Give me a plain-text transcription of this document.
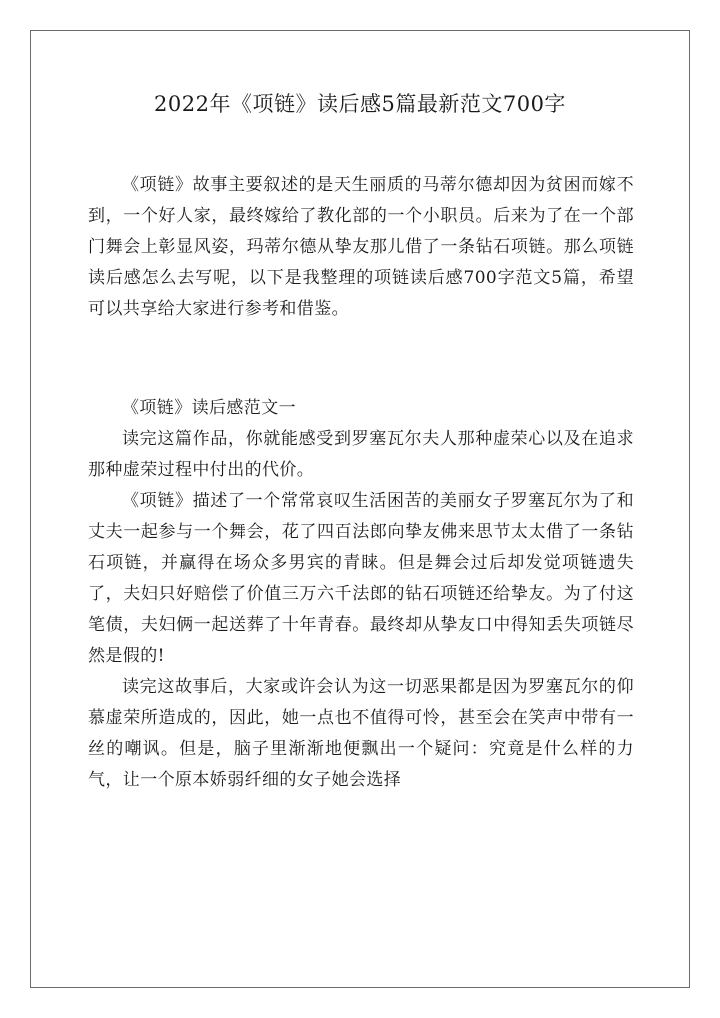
2022年《项链》读后感5篇最新范文700字

《项链》故事主要叙述的是天生丽质的马蒂尔德却因为贫困而嫁不到，一个好人家，最终嫁给了教化部的一个小职员。后来为了在一个部门舞会上彰显风姿，玛蒂尔德从挚友那儿借了一条钻石项链。那么项链读后感怎么去写呢，以下是我整理的项链读后感700字范文5篇，希望可以共享给大家进行参考和借鉴。

《项链》读后感范文一

读完这篇作品，你就能感受到罗塞瓦尔夫人那种虚荣心以及在追求那种虚荣过程中付出的代价。

《项链》描述了一个常常哀叹生活困苦的美丽女子罗塞瓦尔为了和丈夫一起参与一个舞会，花了四百法郎向挚友佛来思节太太借了一条钻石项链，并赢得在场众多男宾的青睐。但是舞会过后却发觉项链遗失了，夫妇只好赔偿了价值三万六千法郎的钻石项链还给挚友。为了付这笔债，夫妇俩一起送葬了十年青春。最终却从挚友口中得知丢失项链尽然是假的!

读完这故事后，大家或许会认为这一切恶果都是因为罗塞瓦尔的仰慕虚荣所造成的，因此，她一点也不值得可怜，甚至会在笑声中带有一丝的嘲讽。但是，脑子里渐渐地便飘出一个疑问：究竟是什么样的力气，让一个原本娇弱纤细的女子她会选择
